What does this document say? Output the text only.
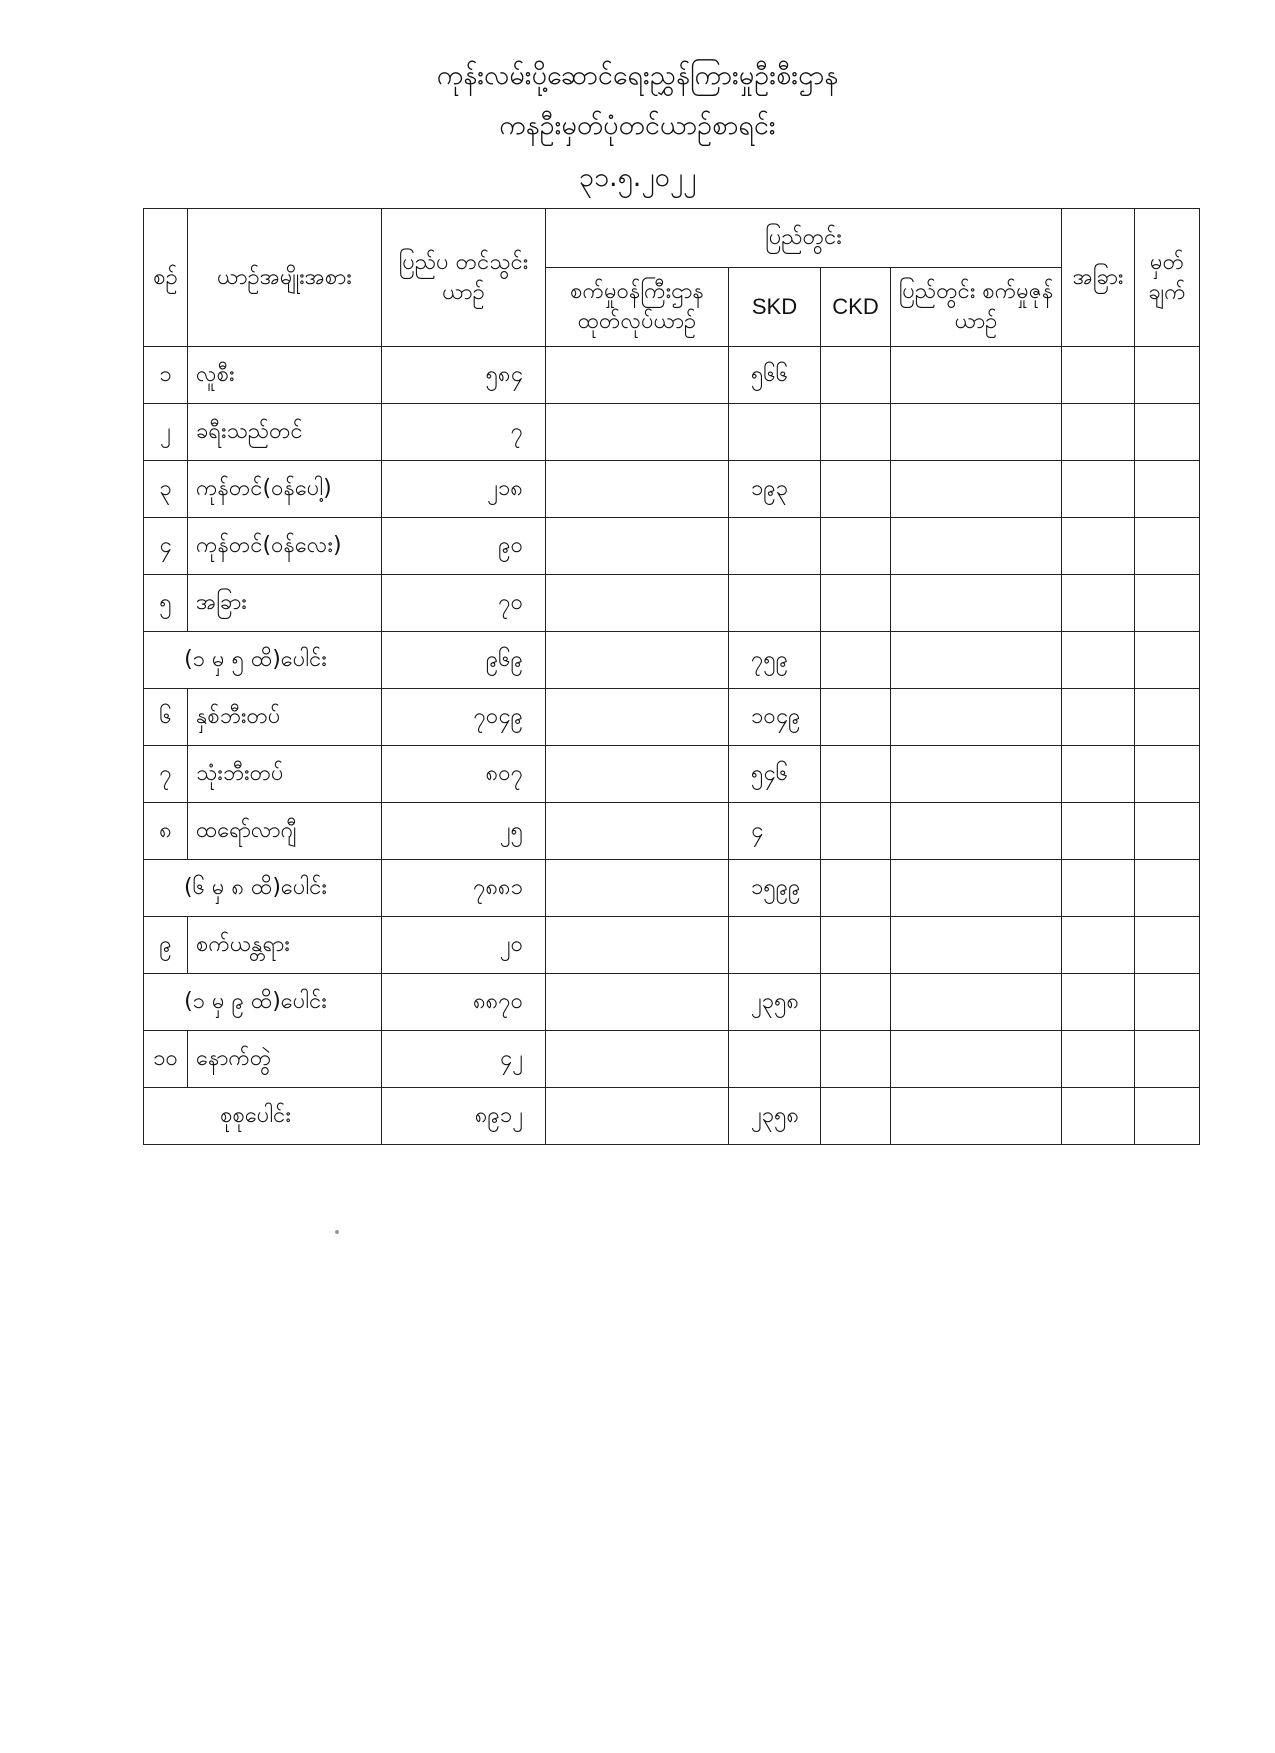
ကုန်းလမ်းပို့ဆောင်ရေးညွှန်ကြားမှုဦးစီးဌာန
ကနဦးမှတ်ပုံတင်ယာဉ်စာရင်း
၃၁.၅.၂၀၂၂
စဉ်	ယာဉ်အမျိုးအစား	ပြည်ပ တင်သွင်းယာဉ်	ပြည်တွင်း				အခြား	မှတ် ချက်
			စက်မှုဝန်ကြီးဌာန ထုတ်လုပ်ယာဉ်	SKD	CKD	ပြည်တွင်း စက်မှုဇုန်ယာဉ်		
၁	လူစီး	၅၈၄		၅၆၆				
၂	ခရီးသည်တင်	၇						
၃	ကုန်တင်(ဝန်ပေါ့)	၂၁၈		၁၉၃				
၄	ကုန်တင်(ဝန်လေး)	၉၀						
၅	အခြား	၇၀						
(၁ မှ ၅ ထိ)ပေါင်း		၉၆၉		၇၅၉				
၆	နှစ်ဘီးတပ်	၇၀၄၉		၁၀၄၉				
၇	သုံးဘီးတပ်	၈၀၇		၅၄၆				
၈	ထရော်လာဂျီ	၂၅		၄				
(၆ မှ ၈ ထိ)ပေါင်း		၇၈၈၁		၁၅၉၉				
၉	စက်ယန္တရား	၂၀						
(၁ မှ ၉ ထိ)ပေါင်း		၈၈၇၀		၂၃၅၈				
၁၀	နောက်တွဲ	၄၂						
စုစုပေါင်း		၈၉၁၂		၂၃၅၈				
